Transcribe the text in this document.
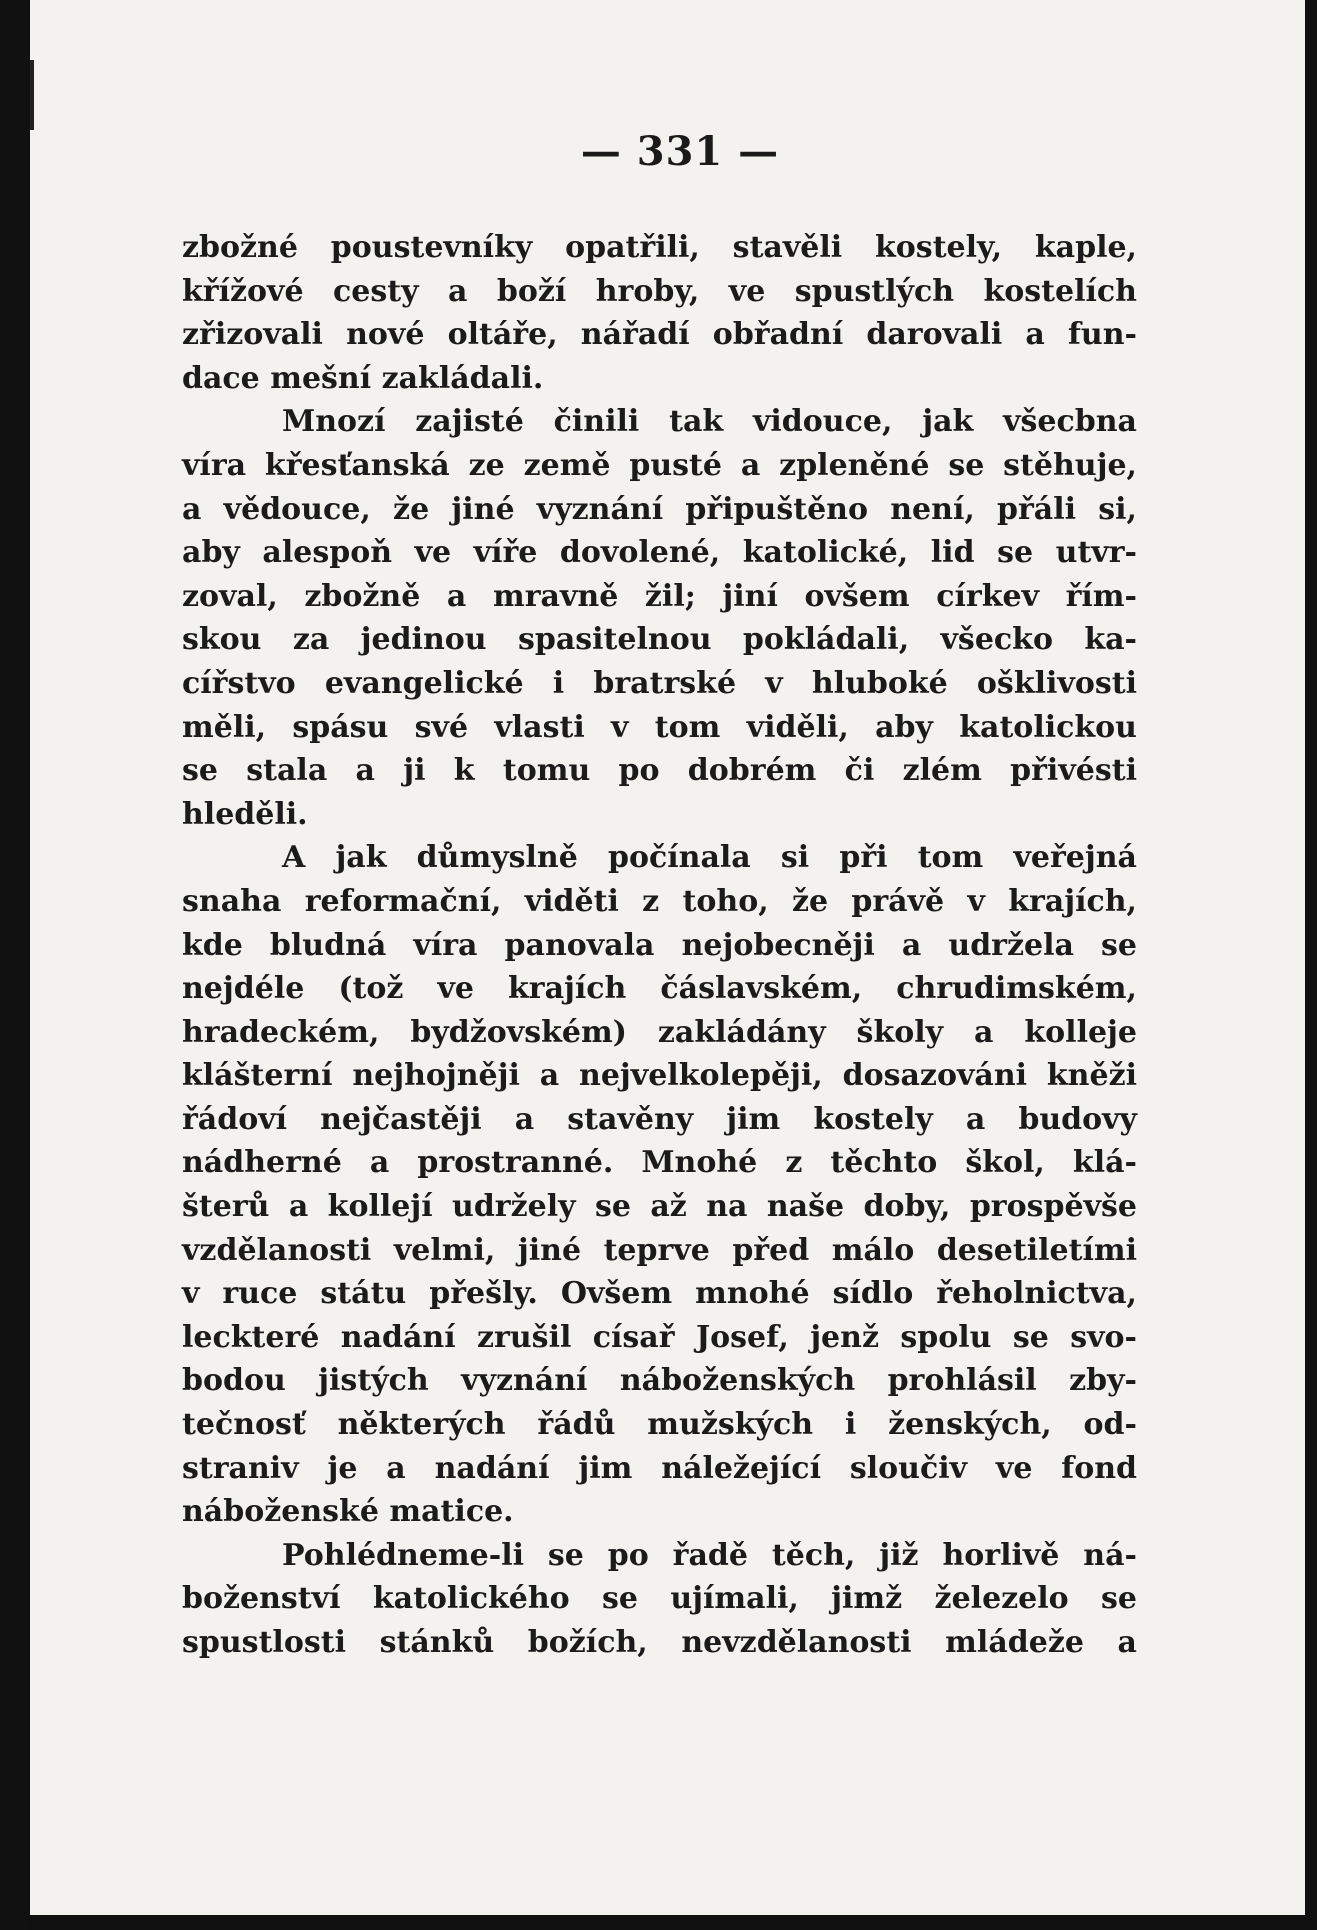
— 331 —
zbožné poustevníky opatřili, stavěli kostely, kaple,
křížové cesty a boží hroby, ve spustlých kostelích
zřizovali nové oltáře, nářadí obřadní darovali a fun-
dace mešní zakládali.
Mnozí zajisté činili tak vidouce, jak všecbna
víra křesťanská ze země pusté a zpleněné se stěhuje,
a vědouce, že jiné vyznání připuštěno není, přáli si,
aby alespoň ve víře dovolené, katolické, lid se utvr-
zoval, zbožně a mravně žil; jiní ovšem církev řím-
skou za jedinou spasitelnou pokládali, všecko ka-
cířstvo evangelické i bratrské v hluboké ošklivosti
měli, spásu své vlasti v tom viděli, aby katolickou
se stala a ji k tomu po dobrém či zlém přivésti
hleděli.
A jak důmyslně počínala si při tom veřejná
snaha reformační, viděti z toho, že právě v krajích,
kde bludná víra panovala nejobecněji a udržela se
nejdéle (tož ve krajích čáslavském, chrudimském,
hradeckém, bydžovském) zakládány školy a kolleje
klášterní nejhojněji a nejvelkolepěji, dosazováni kněži
řádoví nejčastěji a stavěny jim kostely a budovy
nádherné a prostranné. Mnohé z těchto škol, klá-
šterů a kollejí udržely se až na naše doby, prospěvše
vzdělanosti velmi, jiné teprve před málo desetiletími
v ruce státu přešly. Ovšem mnohé sídlo řeholnictva,
leckteré nadání zrušil císař Josef, jenž spolu se svo-
bodou jistých vyznání náboženských prohlásil zby-
tečnosť některých řádů mužských i ženských, od-
straniv je a nadání jim náležející sloučiv ve fond
náboženské matice.
Pohlédneme-li se po řadě těch, již horlivě ná-
boženství katolického se ujímali, jimž železelo se
spustlosti stánků božích, nevzdělanosti mládeže a
